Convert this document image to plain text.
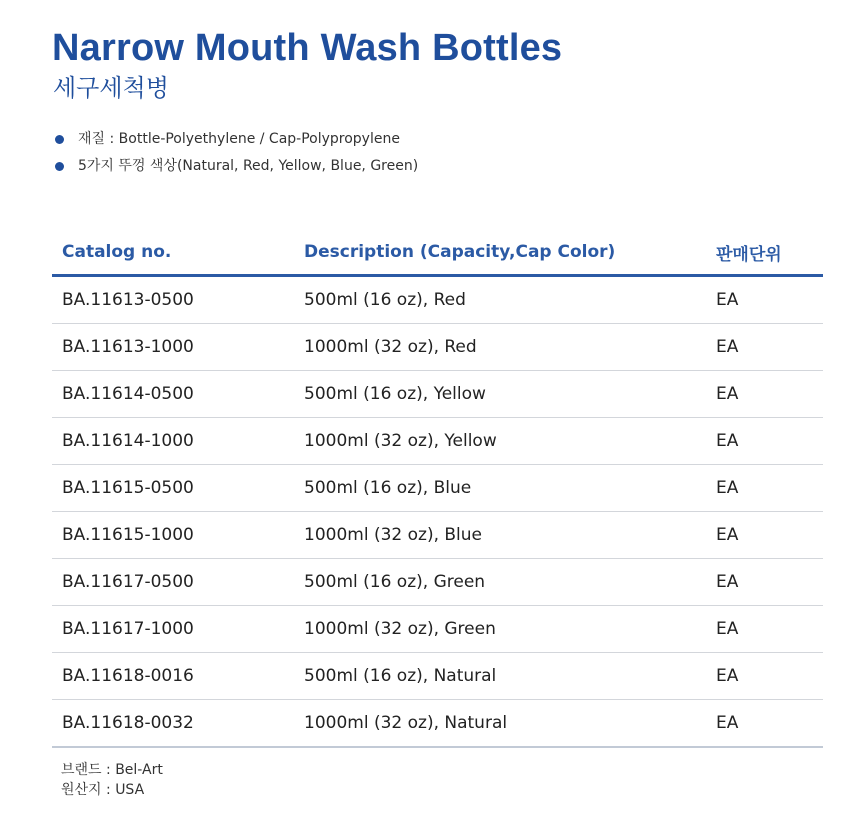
Narrow Mouth Wash Bottles
세구세척병
재질 : Bottle-Polyethylene / Cap-Polypropylene
5가지 뚜껑 색상(Natural, Red, Yellow, Blue, Green)
Catalog no.	Description (Capacity,Cap Color)	판매단위
BA.11613-0500	500ml (16 oz), Red	EA
BA.11613-1000	1000ml (32 oz), Red	EA
BA.11614-0500	500ml (16 oz), Yellow	EA
BA.11614-1000	1000ml (32 oz), Yellow	EA
BA.11615-0500	500ml (16 oz), Blue	EA
BA.11615-1000	1000ml (32 oz), Blue	EA
BA.11617-0500	500ml (16 oz), Green	EA
BA.11617-1000	1000ml (32 oz), Green	EA
BA.11618-0016	500ml (16 oz), Natural	EA
BA.11618-0032	1000ml (32 oz), Natural	EA
브랜드 : Bel-Art
원산지 : USA
